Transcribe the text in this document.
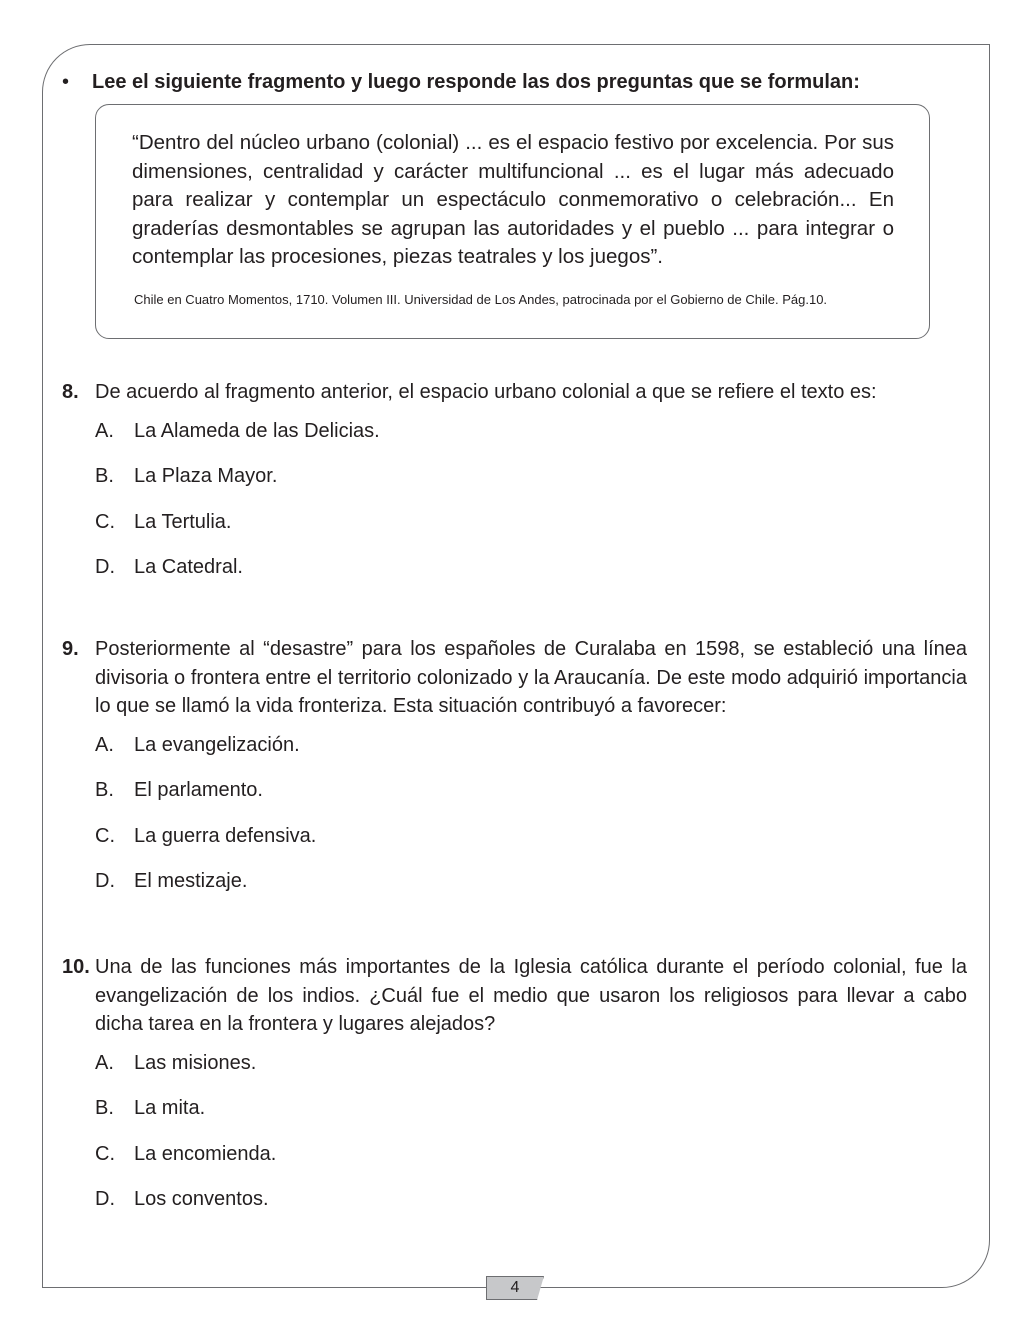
• Lee el siguiente fragmento y luego responde las dos preguntas que se formulan:

“Dentro del núcleo urbano (colonial) ... es el espacio festivo por excelencia. Por sus dimensiones, centralidad y carácter multifuncional ... es el lugar más adecuado para realizar y contemplar un espectáculo conmemorativo o celebración... En graderías desmontables se agrupan las autoridades y el pueblo ... para integrar o contemplar las procesiones, piezas teatrales y los juegos”.

Chile en Cuatro Momentos, 1710. Volumen III. Universidad de Los Andes, patrocinada por el Gobierno de Chile. Pág.10.

8. De acuerdo al fragmento anterior, el espacio urbano colonial a que se refiere el texto es:

A. La Alameda de las Delicias.
B. La Plaza Mayor.
C. La Tertulia.
D. La Catedral.

9. Posteriormente al “desastre” para los españoles de Curalaba en 1598, se estableció una línea divisoria o frontera entre el territorio colonizado y la Araucanía. De este modo adquirió importancia lo que se llamó la vida fronteriza. Esta situación contribuyó a favorecer:

A. La evangelización.
B. El parlamento.
C. La guerra defensiva.
D. El mestizaje.

10. Una de las funciones más importantes de la Iglesia católica durante el período colonial, fue la evangelización de los indios. ¿Cuál fue el medio que usaron los religiosos para llevar a cabo dicha tarea en la frontera y lugares alejados?

A. Las misiones.
B. La mita.
C. La encomienda.
D. Los conventos.
4
